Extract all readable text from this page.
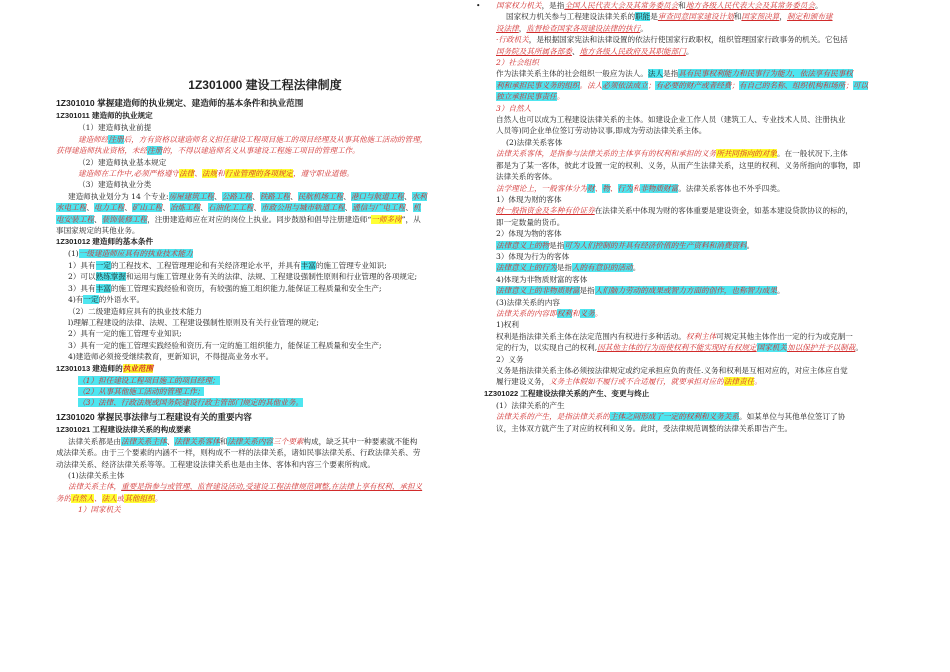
1Z301000 建设工程法律制度
1Z301010 掌握建造师的执业规定、建造师的基本条件和执业范围
1Z301011 建造师的执业规定
（1）建造师执业前提
建造师经注册后，方有资格以建造师名义担任建设工程项目施工的项目经理及从事其他施工活动的管理，
获得建造师执业资格，未经注册的，不得以建造师名义从事建设工程施工项目的管理工作。
（2）建造师执业基本规定
建造师在工作中,必须严格遵守法律、法规和行业管理的各项规定，遵守职业道德。
（3）建造师执业分类
建造师执业划分为 14 个专业:房屋建筑工程、公路工程、铁路工程、民航机场工程、港口与航道工程、水利
水电工程、电力工程、矿山工程、冶炼工程、石油化工工程、市政公用与城市轨道工程、通信与广电工程、机
电安装工程、装饰装修工程，注册建造师应在对应的岗位上执业。同步鼓励和倡导注册建造师“一师多岗”，从
事国家规定的其他业务。
1Z301012 建造师的基本条件
(1)一级建造师应具有的执业技术能力
1）具有一定的工程技术、工程管理理论和有关经济理论水平，并具有丰富的施工管理专业知识;
2）可以熟练掌握和运用与施工管理业务有关的法律、法规、工程建设强制性原则和行业管理的各项规定;
3）具有丰富的施工管理实践经验和资历，有较强的施工组织能力,能保证工程质量和安全生产;
4)有一定的外语水平。
（2）二级建造师应具有的执业技术能力
l)理解工程建设的法律、法规、工程建设强制性原则及有关行业管理的规定;
2）具有一定的施工管理专业知识;
3）具有一定的施工管理实践经验和资历,有一定的施工组织能力，能保证工程质量和安全生产;
4)建造师必须接受继续教育，更新知识，不得提高业务水平。
1Z301013 建造师的执业范围
（1）担任建设工程项目施工的项目经理；
（2）从事其他施工活动的管理工作；
（3）法律、行政法规或国务院建设行政主管部门规定的其他业务。
1Z301020 掌握民事法律与工程建设有关的重要内容
1Z301021 工程建设法律关系的构成要素
法律关系都是由法律关系主体、法律关系客体和法律关系内容三个要素构成，缺乏其中一种要素就不能构
成法律关系。由于三个要素的内涵不一样，则构成不一样的法律关系，诸如民事法律关系、行政法律关系、劳
动法律关系、经济法律关系等等。工程建设法律关系也是由主体、客体和内容三个要素所构成。
(1)法律关系主体
法律关系主体，重要是指参与或管理、监督建设活动,受建设工程法律规范调整,在法律上享有权利、承担义
务的自然人、法人或其他组织。
1）国家机关
• 国家权力机关，是指全国人民代表大会及其常务委员会和地方各级人民代表大会及其常务委员会。
国家权力机关参与工程建设法律关系的职能是审查同意国家建设计划和国家预决算，制定和颁布建
设法律，监督检查国家各项建设法律的执行。
·行政机关，是根据国家宪法和法律设置的依法行使国家行政职权，组织管理国家行政事务的机关。它包括
国务院及其所属各部委、地方各级人民政府及其职能部门。
2）社会组织
作为法律关系主体的社会组织一般应为法人。法人是指具有民事权利能力和民事行为能力，依法享有民事权
利和承担民事义务的组织。法人必须依法成立；有必要的财产或者经费；有自己的名称、组织机构和场所；可以
独立承担民事责任。
3）自然人
自然人也可以成为工程建设法律关系的主体。如建设企业工作人员（建筑工人、专业技术人员、注册执业
人员等)同企业单位签订劳动协议事,即成为劳动法律关系主体。
(2)法律关系客体
法律关系客体，是指参与法律关系的主体享有的权利和承担的义务所共同指向的对象。在一般状况下,主体
都是为了某一客体，彼此才设置一定的权利、义务，从而产生法律关系，这里的权利、义务所指向的事物，即
法律关系的客体。
法学理论上，一般客体分为财、物、行为和非物质财富。法律关系客体也不外乎四类。
1）体现为财的客体
财一般指资金及多种有价证券在法律关系中体现为财的客体重要是建设资金，如基本建设贷款协议的标的，
即一定数量的货币。
2）体现为物的客体
法律意义上的物是指可为人们控制的并具有经济价值的生产资料和消费资料。
3）体现为行为的客体
法律意义上的行为是指人的有意识的活动。
4)体现为非物质财富的客体
法律意义上的非物质财富是指人们脑力劳动的成果或智力方面的创作，也称智力成果。
(3)法律关系的内容
法律关系的内容即权利和义务。
1)权利
权利是指法律关系主体在法定范围内有权进行多种活动。权利主体可规定其他主体作出一定的行为或克制一
定的行为，以实现自己的权利,因其他主体的行为而使权利不能实现时有权规定国家机关加以保护并予以制裁。
2）义务
义务是指法律关系主体必须按法律规定或约定承担应负的责任.义务和权利是互相对应的，对应主体应自觉
履行建设义务，义务主体假如不履行或不合适履行，就要承担对应的法律责任。
1Z301022 工程建设法律关系的产生、变更与终止
(1）法律关系的产生
法律关系的产生，是指法律关系的主体之间形成了一定的权利和义务关系。如某单位与其他单位签订了协
议，主体双方就产生了对应的权利和义务。此时，受法律规范调整的法律关系即告产生。
